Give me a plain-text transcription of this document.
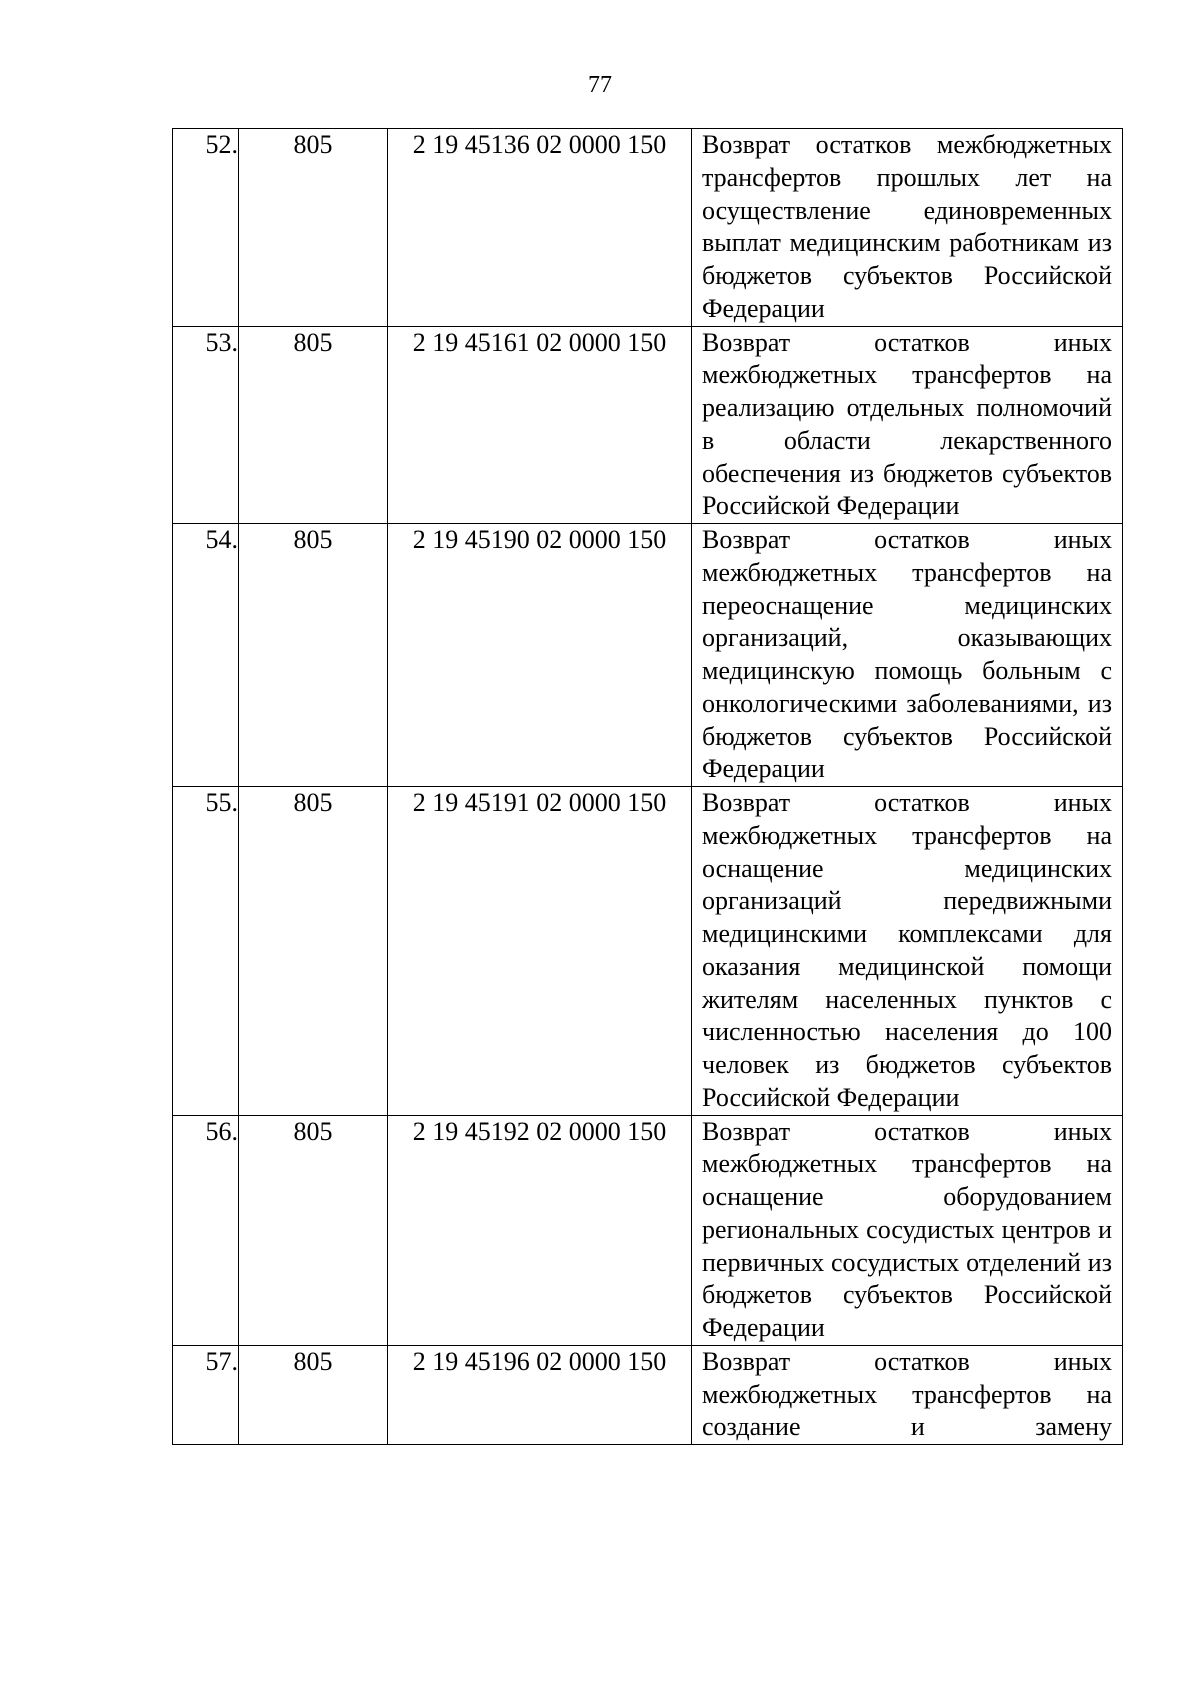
77
52.	805	2 19 45136 02 0000 150	Возврат остатков межбюджетных трансфертов прошлых лет на осуществление единовременных выплат медицинским работникам из бюджетов субъектов Российской Федерации
53.	805	2 19 45161 02 0000 150	Возврат остатков иных межбюджетных трансфертов на реализацию отдельных полномочий в области лекарственного обеспечения из бюджетов субъектов Российской Федерации
54.	805	2 19 45190 02 0000 150	Возврат остатков иных межбюджетных трансфертов на переоснащение медицинских организаций, оказывающих медицинскую помощь больным с онкологическими заболеваниями, из бюджетов субъектов Российской Федерации
55.	805	2 19 45191 02 0000 150	Возврат остатков иных межбюджетных трансфертов на оснащение медицинских организаций передвижными медицинскими комплексами для оказания медицинской помощи жителям населенных пунктов с численностью населения до 100 человек из бюджетов субъектов Российской Федерации
56.	805	2 19 45192 02 0000 150	Возврат остатков иных межбюджетных трансфертов на оснащение оборудованием региональных сосудистых центров и первичных сосудистых отделений из бюджетов субъектов Российской Федерации
57.	805	2 19 45196 02 0000 150	Возврат остатков иных межбюджетных трансфертов на создание и замену
